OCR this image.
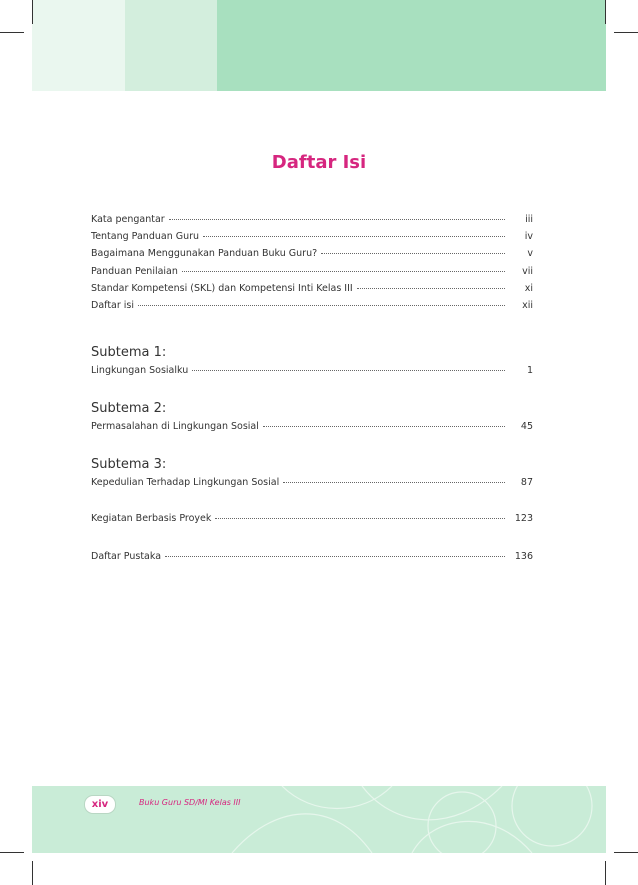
Daftar Isi
Kata pengantar	iii
Tentang Panduan Guru	iv
Bagaimana Menggunakan Panduan Buku Guru?	v
Panduan Penilaian	vii
Standar Kompetensi (SKL) dan Kompetensi Inti Kelas III	xi
Daftar isi	xii
Subtema 1:
Lingkungan Sosialku	1
Subtema 2:
Permasalahan di Lingkungan Sosial	45
Subtema 3:
Kepedulian Terhadap Lingkungan Sosial	87
Kegiatan Berbasis Proyek	123
Daftar Pustaka	136
xiv	Buku Guru SD/MI Kelas III
